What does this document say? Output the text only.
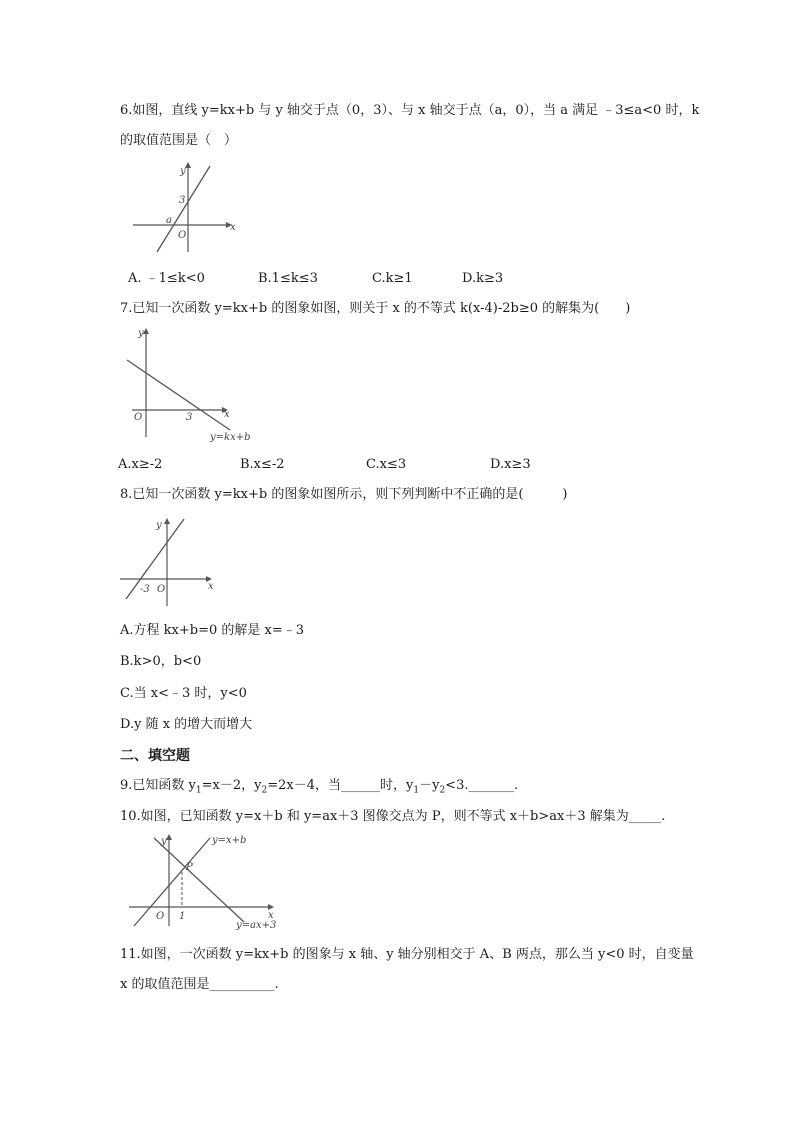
6.如图，直线 y=kx+b 与 y 轴交于点（0，3）、与 x 轴交于点（a，0），当 a 满足 ﹣3≤a<0 时，k
的取值范围是（　）
y
x
3
a
O
A. ﹣1≤k<0	B.1≤k≤3	C.k≥1	D.k≥3
7.已知一次函数 y=kx+b 的图象如图，则关于 x 的不等式 k(x-4)-2b≥0 的解集为(　　)
y
x
O	3
y=kx+b
A.x≥-2	B.x≤-2	C.x≤3	D.x≥3
8.已知一次函数 y=kx+b 的图象如图所示，则下列判断中不正确的是(　　　)
y
x
-3 O
A.方程 kx+b=0 的解是 x=﹣3
B.k>0，b<0
C.当 x<﹣3 时，y<0
D.y 随 x 的增大而增大
二、填空题
9.已知函数 $y_1=x-2$，$y_2=2x-4$，当______时，$y_1-y_2<3.\_\_\_\_\_\_\_$.
10.如图，已知函数 y=x＋b 和 y=ax＋3 图像交点为 P，则不等式 x＋b>ax＋3 解集为_____.
y
x
O 1
P
y=x+b
y=ax+3
11.如图，一次函数 y=kx+b 的图象与 x 轴、y 轴分别相交于 A、B 两点，那么当 y<0 时，自变量
x 的取值范围是__________.
